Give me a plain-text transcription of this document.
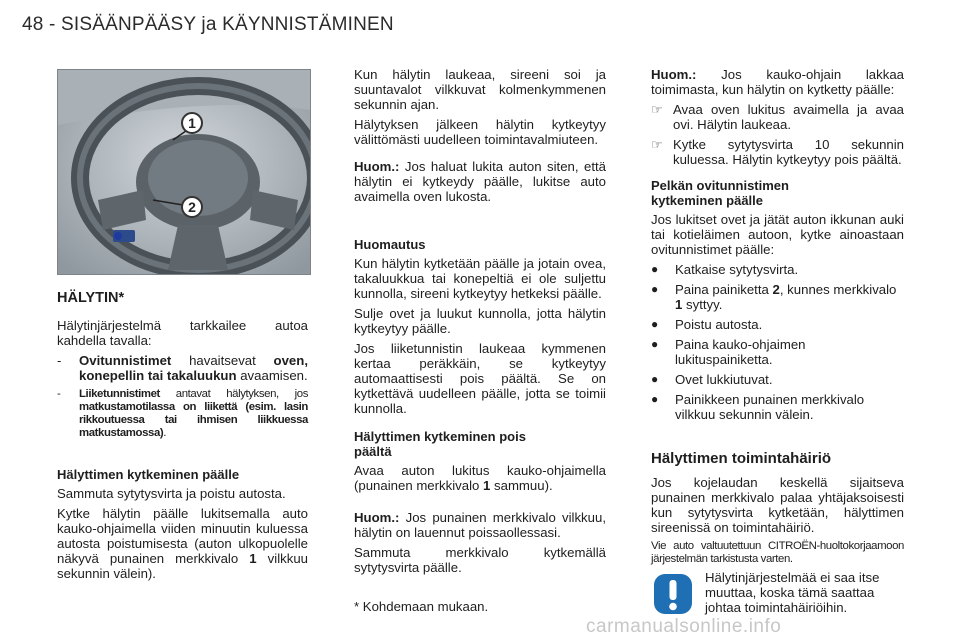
48 - SISÄÄNPÄÄSY ja KÄYNNISTÄMINEN
1
2
HÄLYTIN*

Hälytinjärjestelmä tarkkailee autoa kahdella tavalla:

-	Ovitunnistimet havaitsevat oven, konepellin tai takaluukun avaamisen.
-	Liiketunnistimet antavat hälytyksen, jos matkustamotilassa on liikettä (esim. lasin rikkoutuessa tai ihmisen liikkuessa matkustamossa).
Hälyttimen kytkeminen päälle

Sammuta sytytysvirta ja poistu autosta.

Kytke hälytin päälle lukitsemalla auto kauko-ohjaimella viiden minuutin kuluessa autosta poistumisesta (auton ulkopuolelle näkyvä punainen merkkivalo 1 vilkkuu sekunnin välein).

Kun hälytin laukeaa, sireeni soi ja suuntavalot vilkkuvat kolmenkymmenen sekunnin ajan.

Hälytyksen jälkeen hälytin kytkeytyy välittömästi uudelleen toimintavalmiuteen.

Huom.: Jos haluat lukita auton siten, että hälytin ei kytkeydy päälle, lukitse auto avaimella oven lukosta.

Huomautus

Kun hälytin kytketään päälle ja jotain ovea, takaluukkua tai konepeltiä ei ole suljettu kunnolla, sireeni kytkeytyy hetkeksi päälle.

Sulje ovet ja luukut kunnolla, jotta hälytin kytkeytyy päälle.

Jos liiketunnistin laukeaa kymmenen kertaa peräkkäin, se kytkeytyy automaattisesti pois päältä. Se on kytkettävä uudelleen päälle, jotta se toimii kunnolla.

Hälyttimen kytkeminen pois päältä

Avaa auton lukitus kauko-ohjaimella (punainen merkkivalo 1 sammuu).

Huom.: Jos punainen merkkivalo vilkkuu, hälytin on lauennut poissaollessasi.

Sammuta merkkivalo kytkemällä sytytysvirta päälle.

* Kohdemaan mukaan.

Huom.: Jos kauko-ohjain lakkaa toimimasta, kun hälytin on kytketty päälle:

☞ Avaa oven lukitus avaimella ja avaa ovi. Hälytin laukeaa.
☞ Kytke sytytysvirta 10 sekunnin kuluessa. Hälytin kytkeytyy pois päältä.
Pelkän ovitunnistimen kytkeminen päälle

Jos lukitset ovet ja jätät auton ikkunan auki tai kotieläimen autoon, kytke ainoastaan ovitunnistimet päälle:

●	Katkaise sytytysvirta.
●	Paina painiketta 2, kunnes merkkivalo 1 syttyy.
●	Poistu autosta.
●	Paina kauko-ohjaimen lukituspainiketta.
●	Ovet lukkiutuvat.
●	Painikkeen punainen merkkivalo vilkkuu sekunnin välein.
Hälyttimen toimintahäiriö

Jos kojelaudan keskellä sijaitseva punainen merkkivalo palaa yhtäjaksoisesti kun sytytysvirta kytketään, hälyttimen sireenissä on toimintahäiriö.

Vie auto valtuutettuun CITROËN-huoltokorjaamoon järjestelmän tarkistusta varten.

Hälytinjärjestelmää ei saa itse muuttaa, koska tämä saattaa johtaa toimintahäiriöihin.
carmanualsonline.info
